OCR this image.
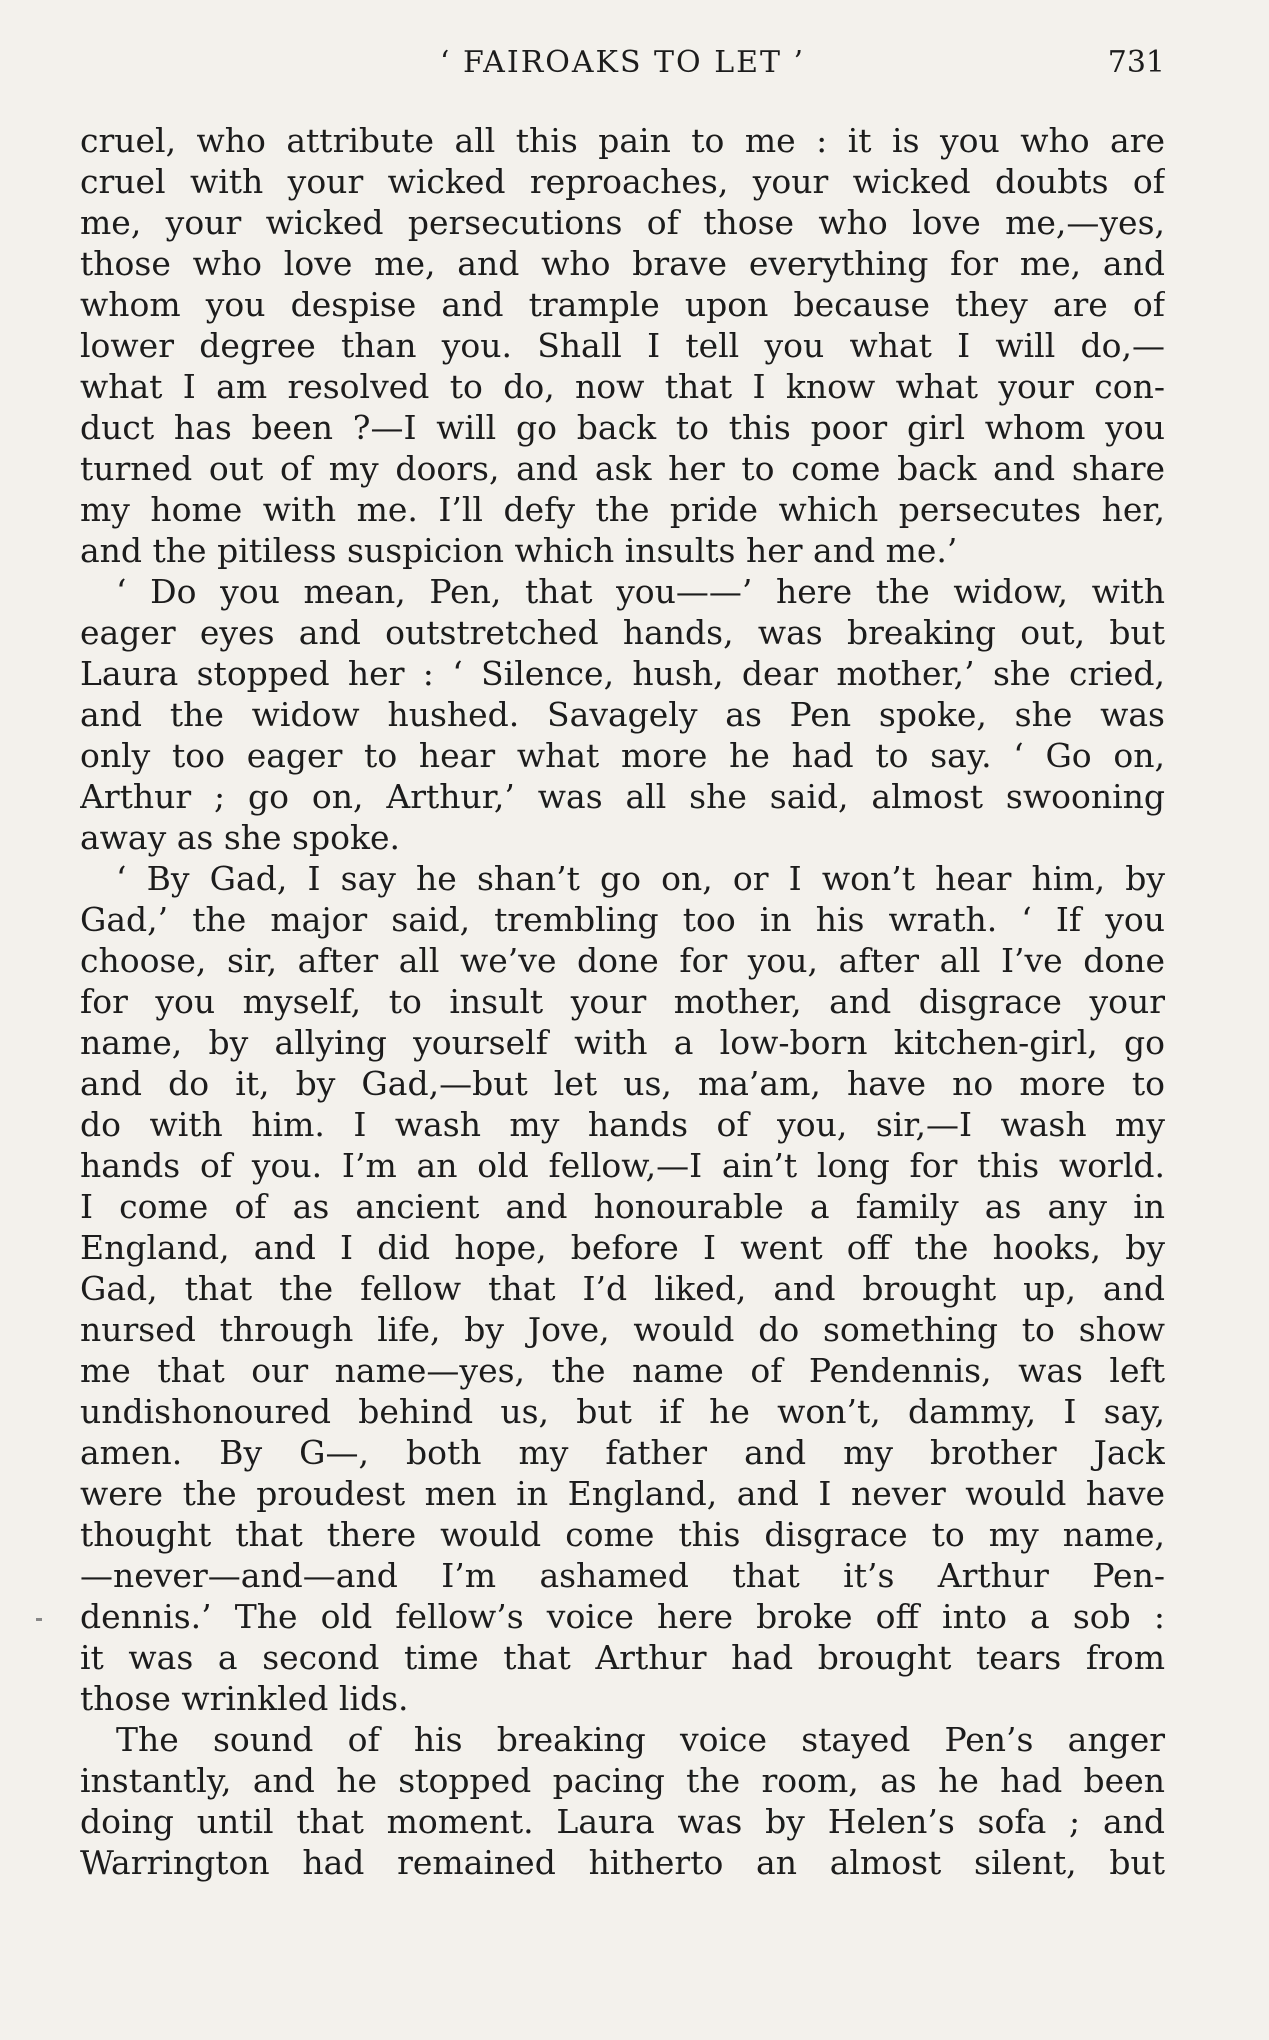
‘ FAIROAKS TO LET ’	731
cruel, who attribute all this pain to me : it is you who are
cruel with your wicked reproaches, your wicked doubts of
me, your wicked persecutions of those who love me,—yes,
those who love me, and who brave everything for me, and
whom you despise and trample upon because they are of
lower degree than you. Shall I tell you what I will do,—
what I am resolved to do, now that I know what your con-
duct has been ?—I will go back to this poor girl whom you
turned out of my doors, and ask her to come back and share
my home with me. I’ll defy the pride which persecutes her,
and the pitiless suspicion which insults her and me.’
‘ Do you mean, Pen, that you——’ here the widow, with
eager eyes and outstretched hands, was breaking out, but
Laura stopped her : ‘ Silence, hush, dear mother,’ she cried,
and the widow hushed. Savagely as Pen spoke, she was
only too eager to hear what more he had to say. ‘ Go on,
Arthur ; go on, Arthur,’ was all she said, almost swooning
away as she spoke.
‘ By Gad, I say he shan’t go on, or I won’t hear him, by
Gad,’ the major said, trembling too in his wrath. ‘ If you
choose, sir, after all we’ve done for you, after all I’ve done
for you myself, to insult your mother, and disgrace your
name, by allying yourself with a low-born kitchen-girl, go
and do it, by Gad,—but let us, ma’am, have no more to
do with him. I wash my hands of you, sir,—I wash my
hands of you. I’m an old fellow,—I ain’t long for this world.
I come of as ancient and honourable a family as any in
England, and I did hope, before I went off the hooks, by
Gad, that the fellow that I’d liked, and brought up, and
nursed through life, by Jove, would do something to show
me that our name—yes, the name of Pendennis, was left
undishonoured behind us, but if he won’t, dammy, I say,
amen. By G—, both my father and my brother Jack
were the proudest men in England, and I never would have
thought that there would come this disgrace to my name,
—never—and—and I’m ashamed that it’s Arthur Pen-
dennis.’ The old fellow’s voice here broke off into a sob :
it was a second time that Arthur had brought tears from
those wrinkled lids.
The sound of his breaking voice stayed Pen’s anger
instantly, and he stopped pacing the room, as he had been
doing until that moment. Laura was by Helen’s sofa ; and
Warrington had remained hitherto an almost silent, but
